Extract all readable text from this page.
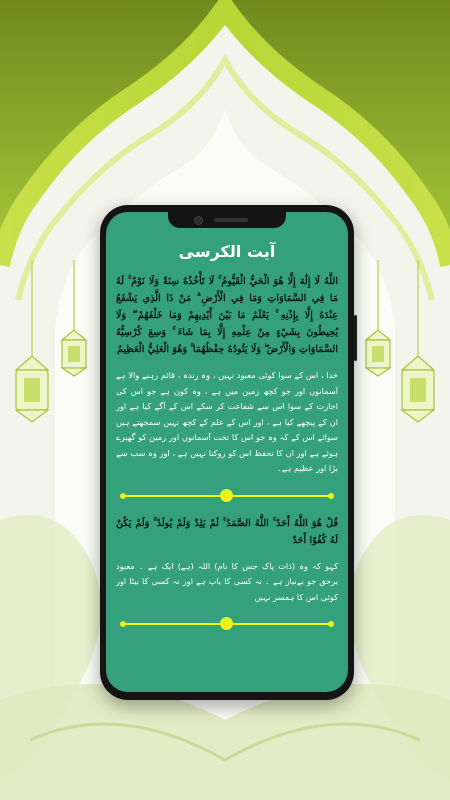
آیت الکرسی
اللَّهُ لَا إِلَٰهَ إِلَّا هُوَ الْحَيُّ الْقَيُّومُ ۚ لَا تَأْخُذُهُ سِنَةٌ وَلَا نَوْمٌ ۚ لَهُ مَا فِي السَّمَاوَاتِ وَمَا فِي الْأَرْضِ ۗ مَنْ ذَا الَّذِي يَشْفَعُ عِنْدَهُ إِلَّا بِإِذْنِهِ ۚ يَعْلَمُ مَا بَيْنَ أَيْدِيهِمْ وَمَا خَلْفَهُمْ ۖ وَلَا يُحِيطُونَ بِشَيْءٍ مِنْ عِلْمِهِ إِلَّا بِمَا شَاءَ ۚ وَسِعَ كُرْسِيُّهُ السَّمَاوَاتِ وَالْأَرْضَ ۖ وَلَا يَئُودُهُ حِفْظُهُمَا ۚ وَهُوَ الْعَلِيُّ الْعَظِيمُ
خدا ، اس کے سوا کوئی معبود نہیں ، وہ زندہ ، قائم رہنے والا ہے آسمانوں اور جو کچھ زمین میں ہے ، وہ کون ہے جو اس کی اجازت کے سوا اس سے شفاعت کر سکے اس کے آگے کیا ہے اور ان کے پیچھے کیا ہے ، اور اس کے علم کے کچھ نہیں سمجھتے ہیں سوائے اس کے کہ وہ جو اس کا تخت آسمانوں اور زمین کو گھیرے ہوئے ہے اور ان کا تحفظ اس کو روکتا نہیں ہے ، اور وہ سب سے بڑا اور عظیم ہے۔
قُلْ هُوَ اللَّهُ أَحَدٌ ۚ اللَّهُ الصَّمَدُ ۚ لَمْ يَلِدْ وَلَمْ يُولَدْ ۚ وَلَمْ يَكُنْ لَهُ كُفُوًا أَحَدٌ
کہو کہ وہ (ذات پاک جس کا نام) اللہ (ہے) ایک ہے ۔ معبود برحق جو بےنیاز ہے ۔ نہ کسی کا باپ ہے اور نہ کسی کا بیٹا اور کوئی اس کا ہمسر نہیں
